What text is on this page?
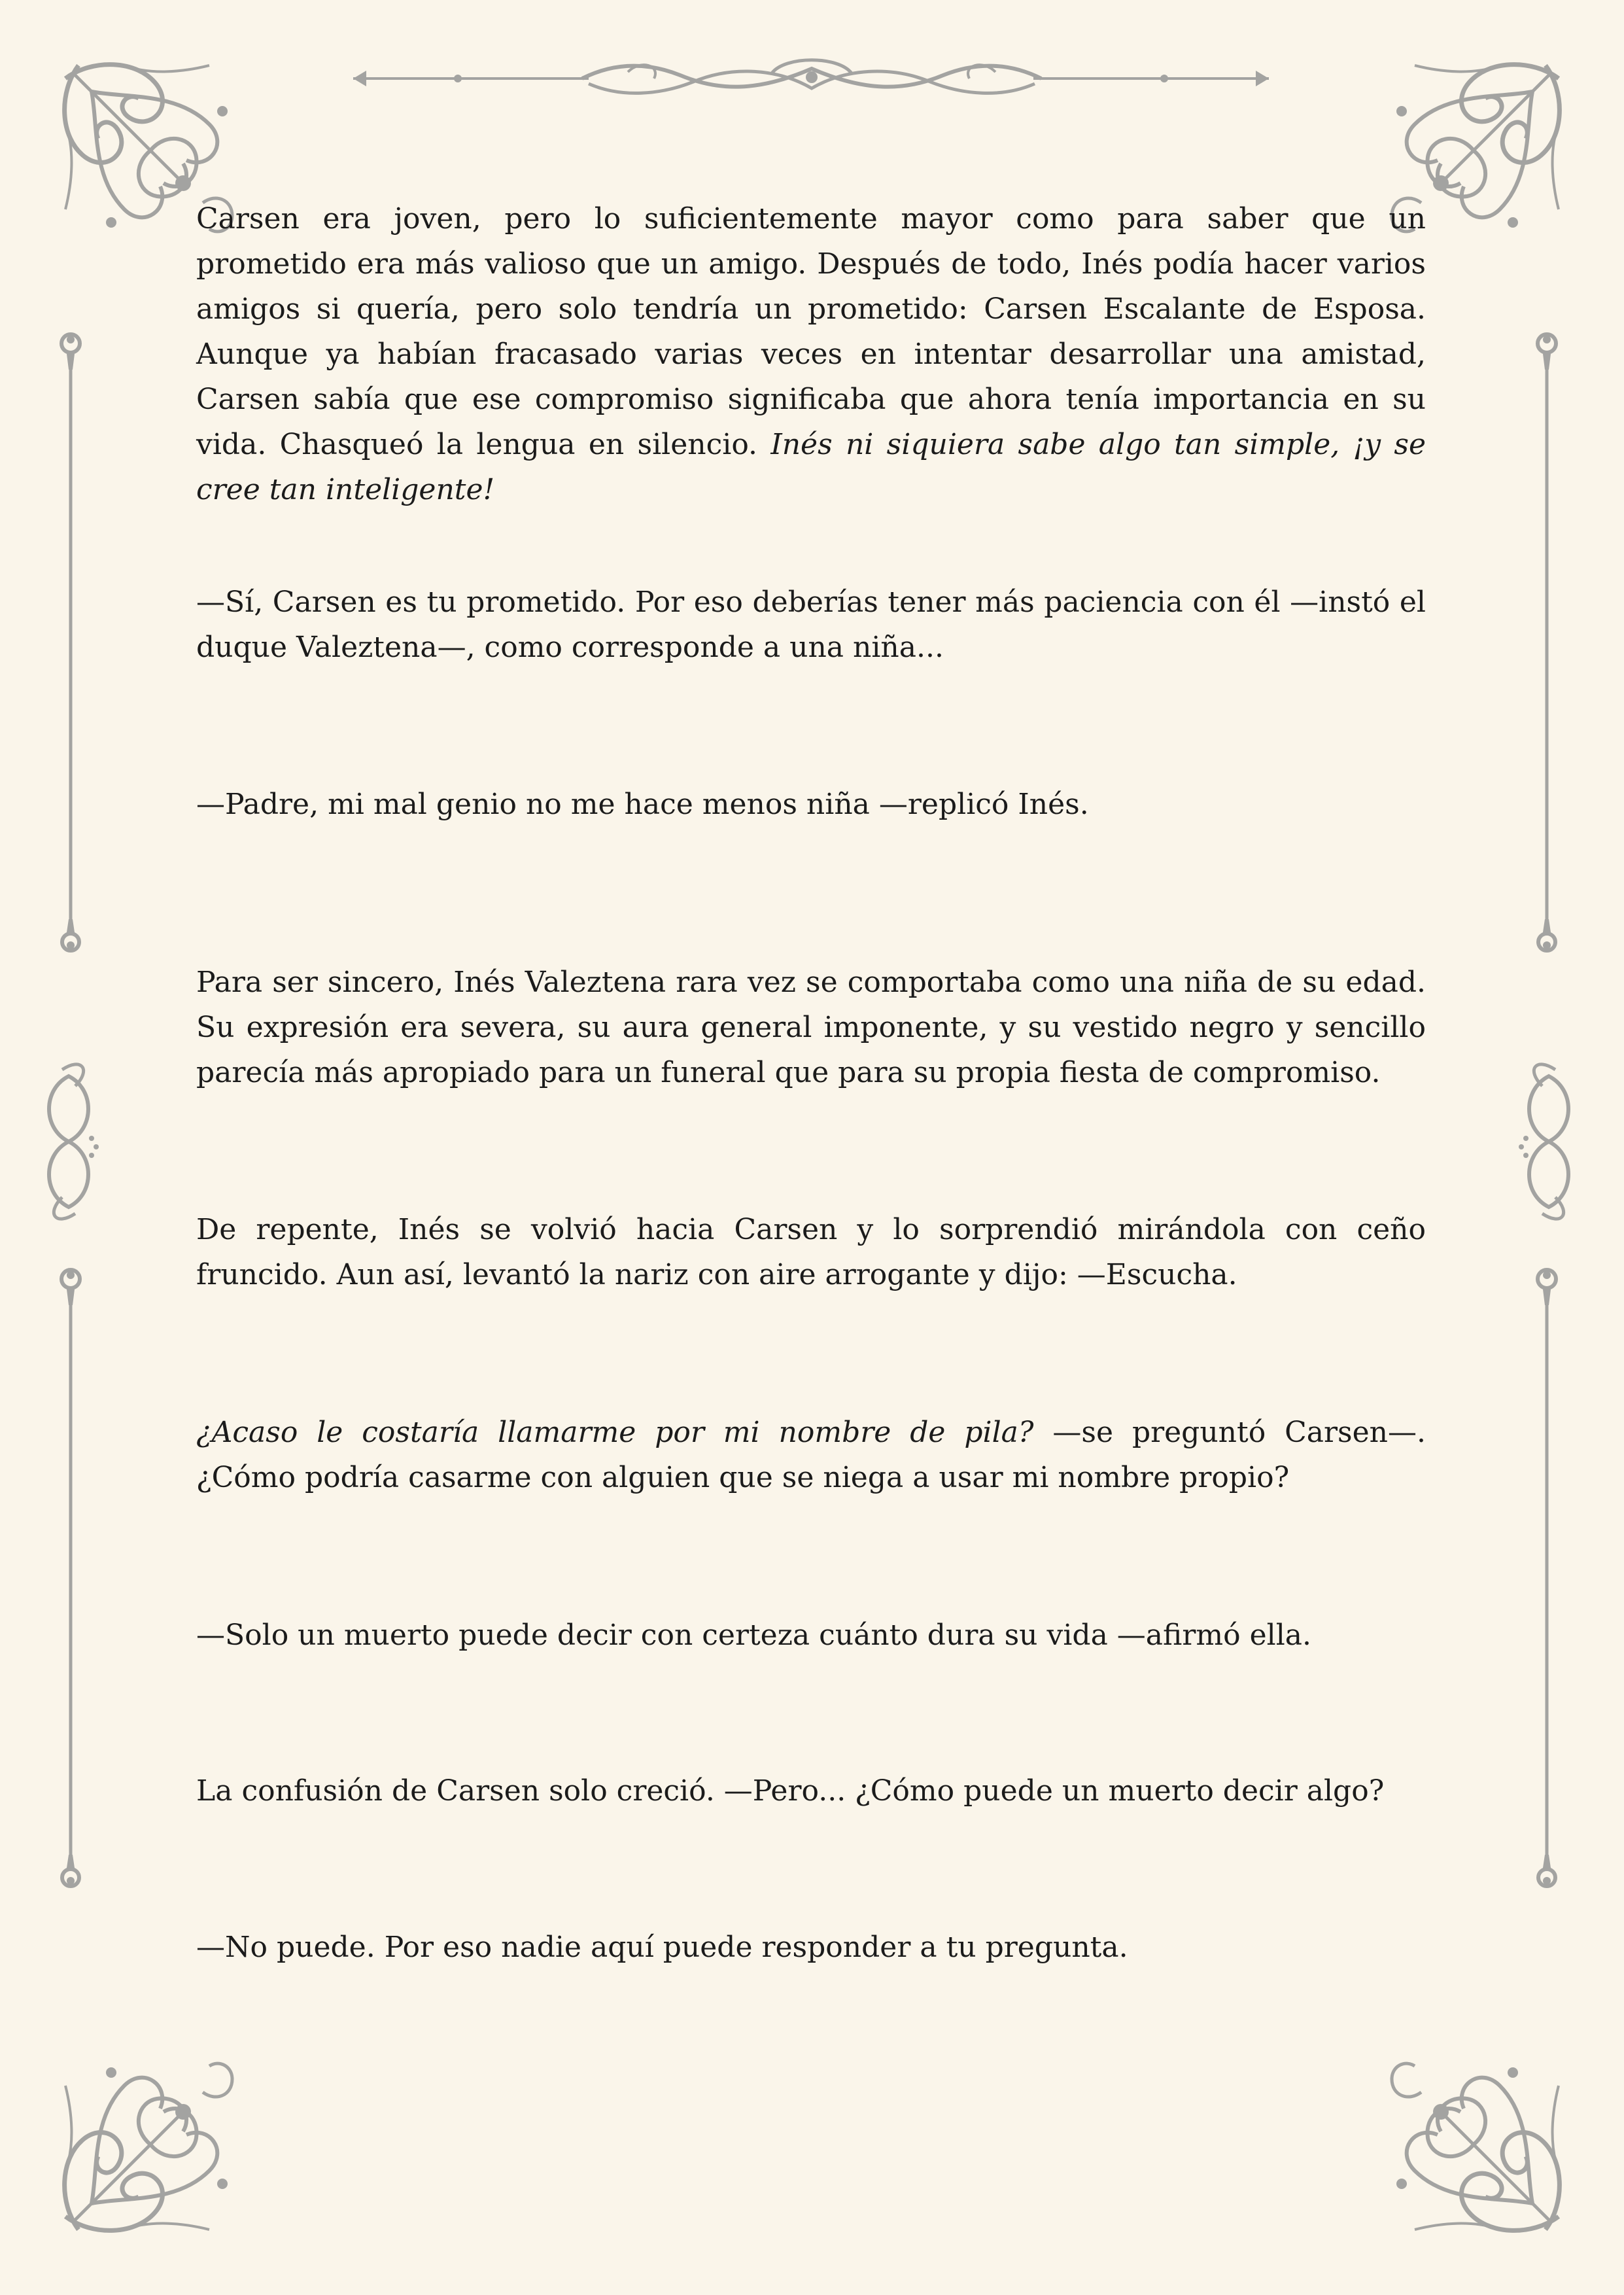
Carsen era joven, pero lo suficientemente mayor como para saber que un prometido era más valioso que un amigo. Después de todo, Inés podía hacer varios amigos si quería, pero solo tendría un prometido: Carsen Escalante de Esposa. Aunque ya habían fracasado varias veces en intentar desarrollar una amistad, Carsen sabía que ese compromiso significaba que ahora tenía importancia en su vida. Chasqueó la lengua en silencio. Inés ni siquiera sabe algo tan simple, ¡y se cree tan inteligente!

—Sí, Carsen es tu prometido. Por eso deberías tener más paciencia con él —instó el duque Valeztena—, como corresponde a una niña...

—Padre, mi mal genio no me hace menos niña —replicó Inés.

Para ser sincero, Inés Valeztena rara vez se comportaba como una niña de su edad. Su expresión era severa, su aura general imponente, y su vestido negro y sencillo parecía más apropiado para un funeral que para su propia fiesta de compromiso.

De repente, Inés se volvió hacia Carsen y lo sorprendió mirándola con ceño fruncido. Aun así, levantó la nariz con aire arrogante y dijo: —Escucha.

¿Acaso le costaría llamarme por mi nombre de pila? —se preguntó Carsen—. ¿Cómo podría casarme con alguien que se niega a usar mi nombre propio?

—Solo un muerto puede decir con certeza cuánto dura su vida —afirmó ella.

La confusión de Carsen solo creció. —Pero... ¿Cómo puede un muerto decir algo?

—No puede. Por eso nadie aquí puede responder a tu pregunta.
